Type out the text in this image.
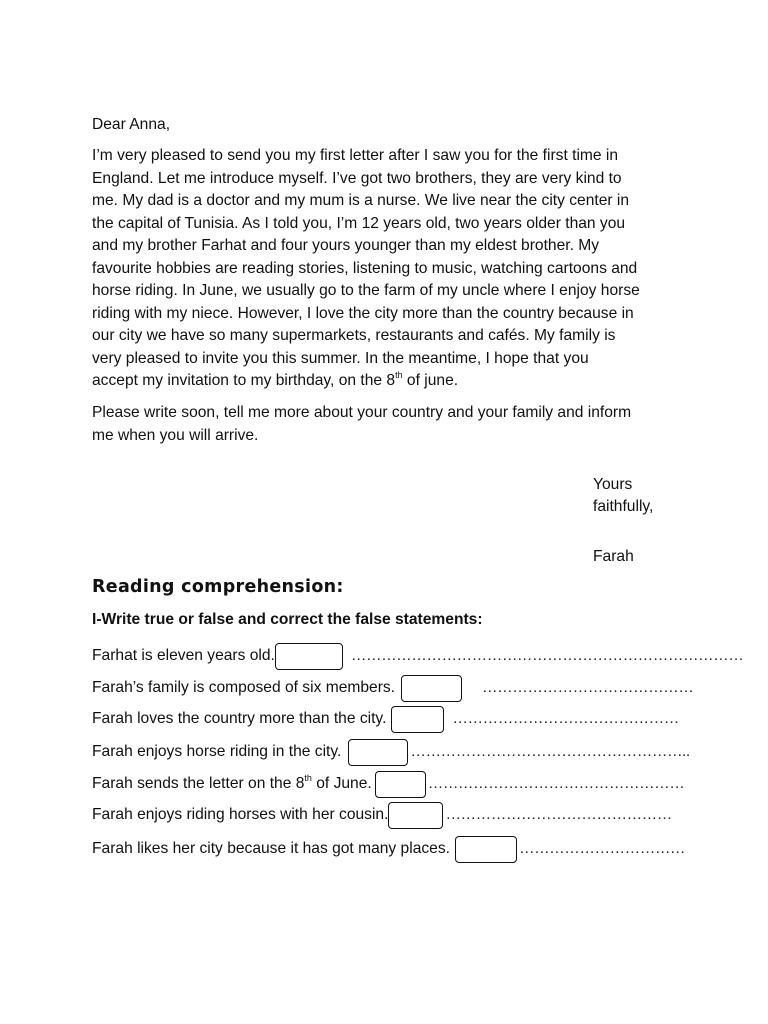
Dear Anna,
I’m very pleased to send you my first letter after I saw you for the first time in
England. Let me introduce myself. I’ve got two brothers, they are very kind to
me. My dad is a doctor and my mum is a nurse. We live near the city center in
the capital of Tunisia. As I told you, I’m 12 years old, two years older than you
and my brother Farhat and four yours younger than my eldest brother. My
favourite hobbies are reading stories, listening to music, watching cartoons and
horse riding. In June, we usually go to the farm of my uncle where I enjoy horse
riding with my niece. However, I love the city more than the country because in
our city we have so many supermarkets, restaurants and cafés. My family is
very pleased to invite you this summer. In the meantime, I hope that you
accept my invitation to my birthday, on the 8th of june.
Please write soon, tell me more about your country and your family and inform
me when you will arrive.
Yours
faithfully,
Farah
Reading comprehension:
I-Write true or false and correct the false statements:
Farhat is eleven years old.	……………………………………………………………………
Farah’s family is composed of six members.	……………………………………
Farah loves the country more than the city.	………………………………………
Farah enjoys horse riding in the city.	………………………………………………..
Farah sends the letter on the 8th of June.	……………………………………………
Farah enjoys riding horses with her cousin.	………………………………………
Farah likes her city because it has got many places.	……………………………
